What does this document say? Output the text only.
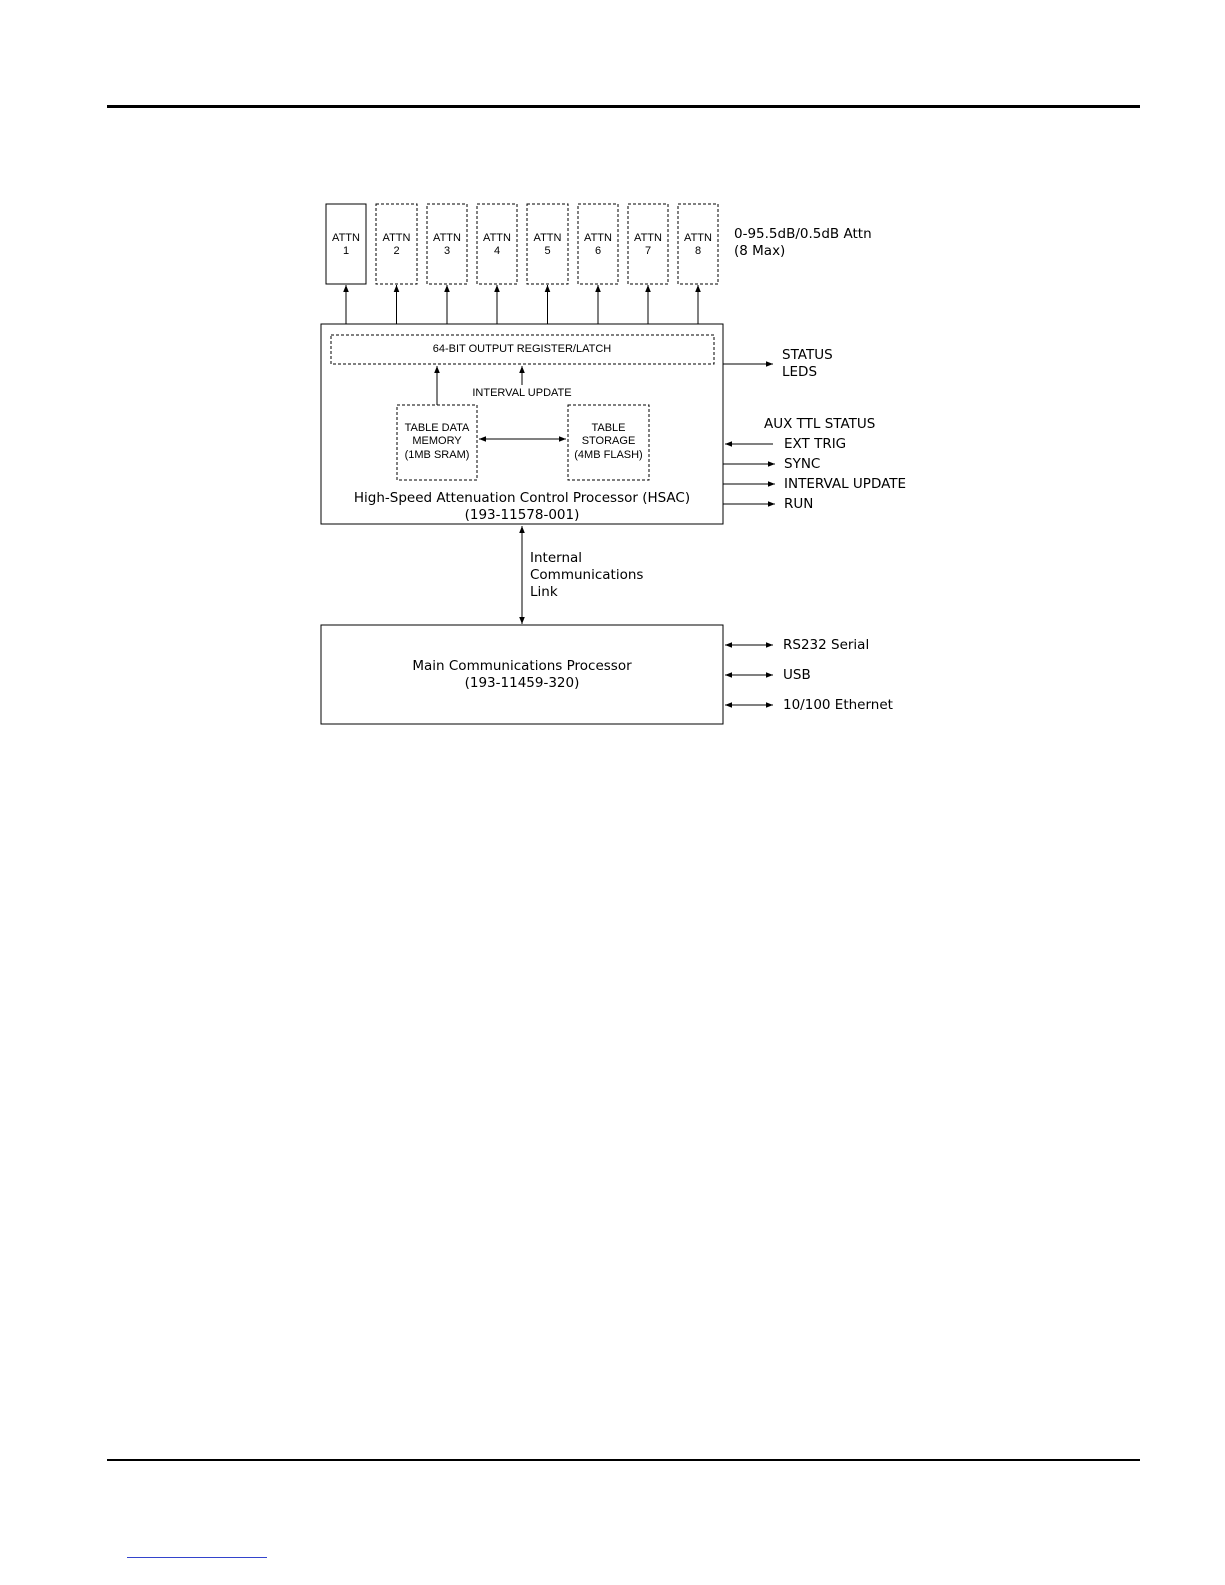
ATTN
1
ATTN
2
ATTN
3
ATTN
4
ATTN
5
ATTN
6
ATTN
7
ATTN
8
0-95.5dB/0.5dB Attn
(8 Max)
64-BIT OUTPUT REGISTER/LATCH
INTERVAL UPDATE
TABLE DATA
MEMORY
(1MB SRAM)
TABLE
STORAGE
(4MB FLASH)
High-Speed Attenuation Control Processor (HSAC)
(193-11578-001)
STATUS
LEDS
AUX TTL STATUS
EXT TRIG
SYNC
INTERVAL UPDATE
RUN
Internal
Communications
Link
Main Communications Processor
(193-11459-320)
RS232 Serial
USB
10/100 Ethernet
